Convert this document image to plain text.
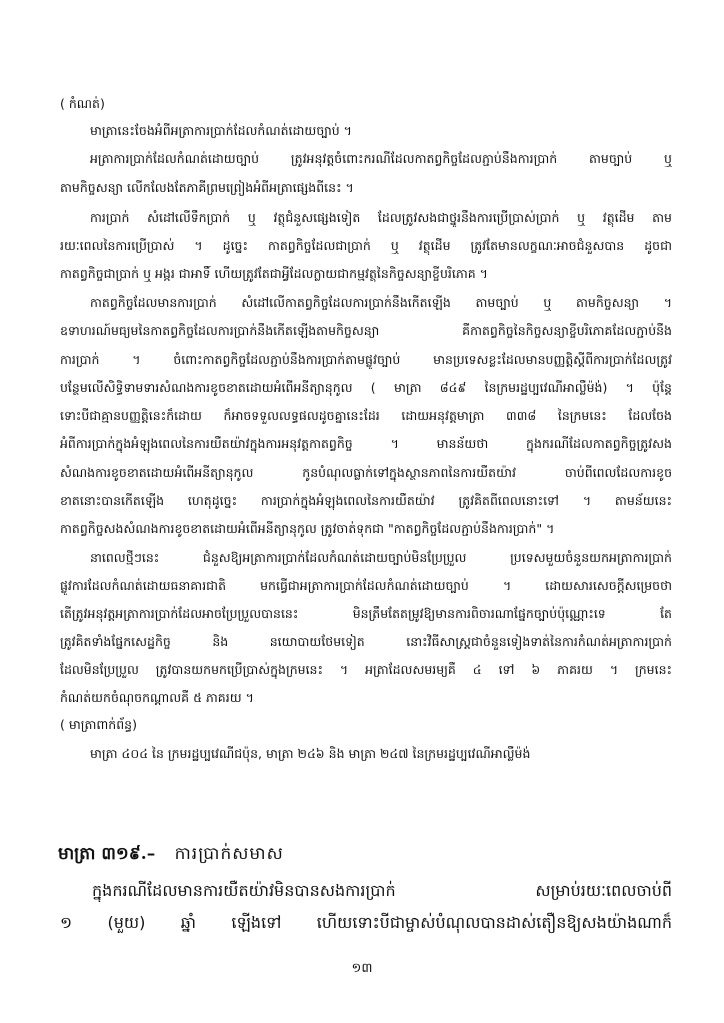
( កំណត់)
មាត្រានេះចែងអំពីអត្រាការប្រាក់ដែលកំណត់ដោយច្បាប់ ។
អត្រាការប្រាក់ដែលកំណត់ដោយច្បាប់ ត្រូវអនុវត្តចំពោះករណីដែលកាតព្វកិច្ចដែលភ្ជាប់នឹងការប្រាក់ តាមច្បាប់ ឬ
តាមកិច្ចសន្យា លើកលែងតែភាគីព្រមព្រៀងអំពីអត្រាផ្សេងពីនេះ ។
ការប្រាក់ សំដៅលើទឹកប្រាក់ ឬ វត្ថុជំនួសផ្សេងទៀត ដែលត្រូវសងជាថ្នូរនឹងការប្រើប្រាស់ប្រាក់ ឬ វត្ថុដើម តាម
រយៈពេលនៃការប្រើប្រាស់ ។ ដូច្នេះ កាតព្វកិច្ចដែលជាប្រាក់ ឬ វត្ថុដើម ត្រូវតែមានលក្ខណៈអាចជំនួសបាន ដូចជា
កាតព្វកិច្ចជាប្រាក់ ឬ អង្ករ ជាអាទិ៍ ហើយត្រូវតែជាអ្វីដែលក្លាយជាកម្មវត្ថុនៃកិច្ចសន្យាខ្ចីបរិភោគ ។
កាតព្វកិច្ចដែលមានការប្រាក់ សំដៅលើកាតព្វកិច្ចដែលការប្រាក់នឹងកើតឡើង តាមច្បាប់ ឬ តាមកិច្ចសន្យា ។
ឧទាហរណ៍មធ្យមនៃកាតព្វកិច្ចដែលការប្រាក់នឹងកើតឡើងតាមកិច្ចសន្យា គឺកាតព្វកិច្ចនៃកិច្ចសន្យាខ្ចីបរិភោគដែលភ្ជាប់នឹង
ការប្រាក់ ។ ចំពោះកាតព្វកិច្ចដែលភ្ជាប់នឹងការប្រាក់តាមផ្លូវច្បាប់ មានប្រទេសខ្លះដែលមានបញ្ញត្តិស្តីពីការប្រាក់ដែលត្រូវ
បន្ថែមលើសិទ្ធិទាមទារសំណងការខូចខាតដោយអំពើអនីត្យានុកូល ( មាត្រា ៨៤៩ នៃក្រមរដ្ឋប្បវេណីអាល្លឺម៉ង់) ។ ប៉ុន្តែ
ទោះបីជាគ្មានបញ្ញត្តិនេះក៏ដោយ ក៏អាចទទួលលទ្ធផលដូចគ្នានេះដែរ ដោយអនុវត្តមាត្រា ៣៣៨ នៃក្រមនេះ ដែលចែង
អំពីការប្រាក់ក្នុងអំឡុងពេលនៃការយឺតយ៉ាវក្នុងការអនុវត្តកាតព្វកិច្ច ។ មានន័យថា ក្នុងករណីដែលកាតព្វកិច្ចត្រូវសង
សំណងការខូចខាតដោយអំពើអនីត្យានុកូល កូនបំណុលធ្លាក់ទៅក្នុងស្ថានភាពនៃការយឺតយ៉ាវ ចាប់ពីពេលដែលការខូច
ខាតនោះបានកើតឡើង ហេតុដូច្នេះ ការប្រាក់ក្នុងអំឡុងពេលនៃការយឺតយ៉ាវ ត្រូវគិតពីពេលនោះទៅ ។ តាមន័យនេះ
កាតព្វកិច្ចសងសំណងការខូចខាតដោយអំពើអនីត្យានុកូល ត្រូវចាត់ទុកជា "កាតព្វកិច្ចដែលភ្ជាប់នឹងការប្រាក់" ។
នាពេលថ្មីៗនេះ ជំនួសឱ្យអត្រាការប្រាក់ដែលកំណត់ដោយច្បាប់មិនប្រែប្រួល ប្រទេសមួយចំនួនយកអត្រាការប្រាក់
ផ្លូវការដែលកំណត់ដោយធនាគារជាតិ មកធ្វើជាអត្រាការប្រាក់ដែលកំណត់ដោយច្បាប់ ។ ដោយសារសេចក្តីសម្រេចថា
តើត្រូវអនុវត្តអត្រាការប្រាក់ដែលអាចប្រែប្រួលបាននេះ មិនត្រឹមតែតម្រូវឱ្យមានការពិចារណាផ្នែកច្បាប់ប៉ុណ្ណោះទេ តែ
ត្រូវគិតទាំងផ្នែកសេដ្ឋកិច្ច និង នយោបាយថែមទៀត នោះវិធីសាស្ត្រជាចំនួនទៀងទាត់នៃការកំណត់អត្រាការប្រាក់
ដែលមិនប្រែប្រួល ត្រូវបានយកមកប្រើប្រាស់ក្នុងក្រមនេះ ។ អត្រាដែលសមរម្យគឺ ៤ ទៅ ៦ ភាគរយ ។ ក្រមនេះ
កំណត់យកចំណុចកណ្តាលគឺ ៥ ភាគរយ ។
( មាត្រាពាក់ព័ន្ធ)
មាត្រា ៤០៤ នៃ ក្រមរដ្ឋប្បវេណីជប៉ុន, មាត្រា ២៤៦ និង មាត្រា ២៤៧ នៃក្រមរដ្ឋប្បវេណីអាល្លឺម៉ង់
មាត្រា ៣១៩.– ការប្រាក់សមាស
ក្នុងករណីដែលមានការយឺតយ៉ាវមិនបានសងការប្រាក់ សម្រាប់រយៈពេលចាប់ពី
១ (មួយ) ឆ្នាំ ឡើងទៅ ហើយទោះបីជាម្ចាស់បំណុលបានដាស់តឿនឱ្យសងយ៉ាងណាក៏
១៣
